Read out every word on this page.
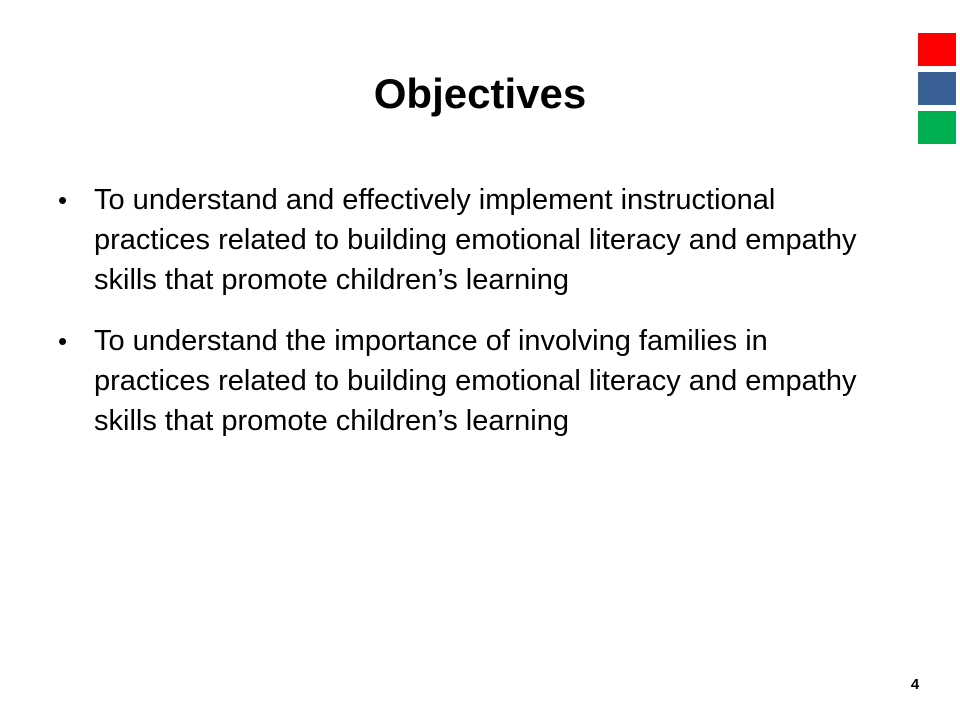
Objectives
• To understand and effectively implement instructional practices related to building emotional literacy and empathy skills that promote children’s learning
• To understand the importance of involving families in practices related to building emotional literacy and empathy skills that promote children’s learning
4
